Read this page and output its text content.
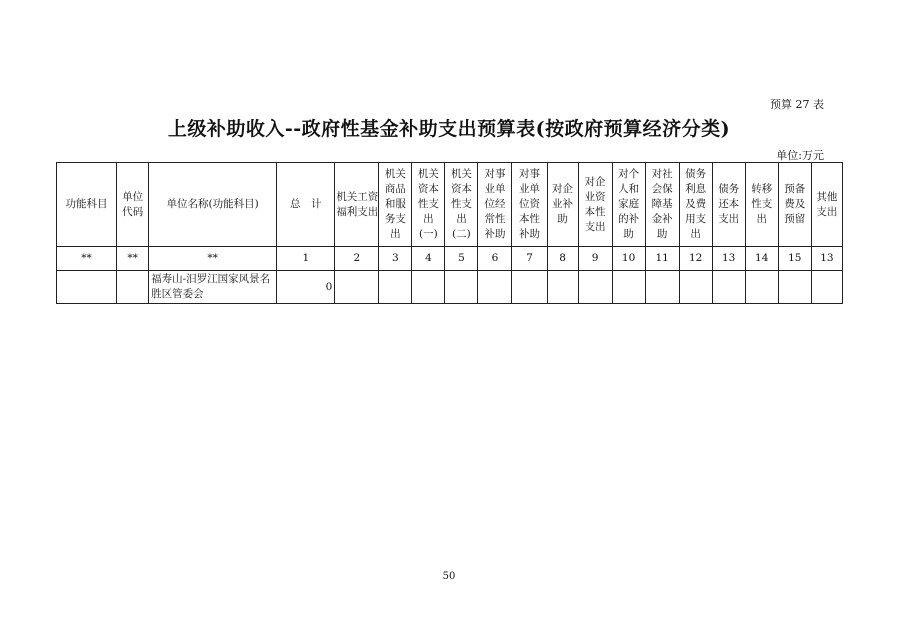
预算 27 表
上级补助收入--政府性基金补助支出预算表(按政府预算经济分类)
单位:万元
功能科目	单位代码	单位名称(功能科目)	总　计	机关工资福利支出	机关商品和服务支出	机关资本性支出(一)	机关资本性支出(二)	对事业单位经常性补助	对事业单位资本性补助	对企业补助	对企业资本性支出	对个人和家庭的补助	对社会保障基金补助	债务利息及费用支出	债务还本支出	转移性支出	预备费及预留	其他支出
**	**	**	1	2	3	4	5	6	7	8	9	10	11	12	13	14	15	13
		福寿山-汨罗江国家风景名胜区管委会	0															
50
